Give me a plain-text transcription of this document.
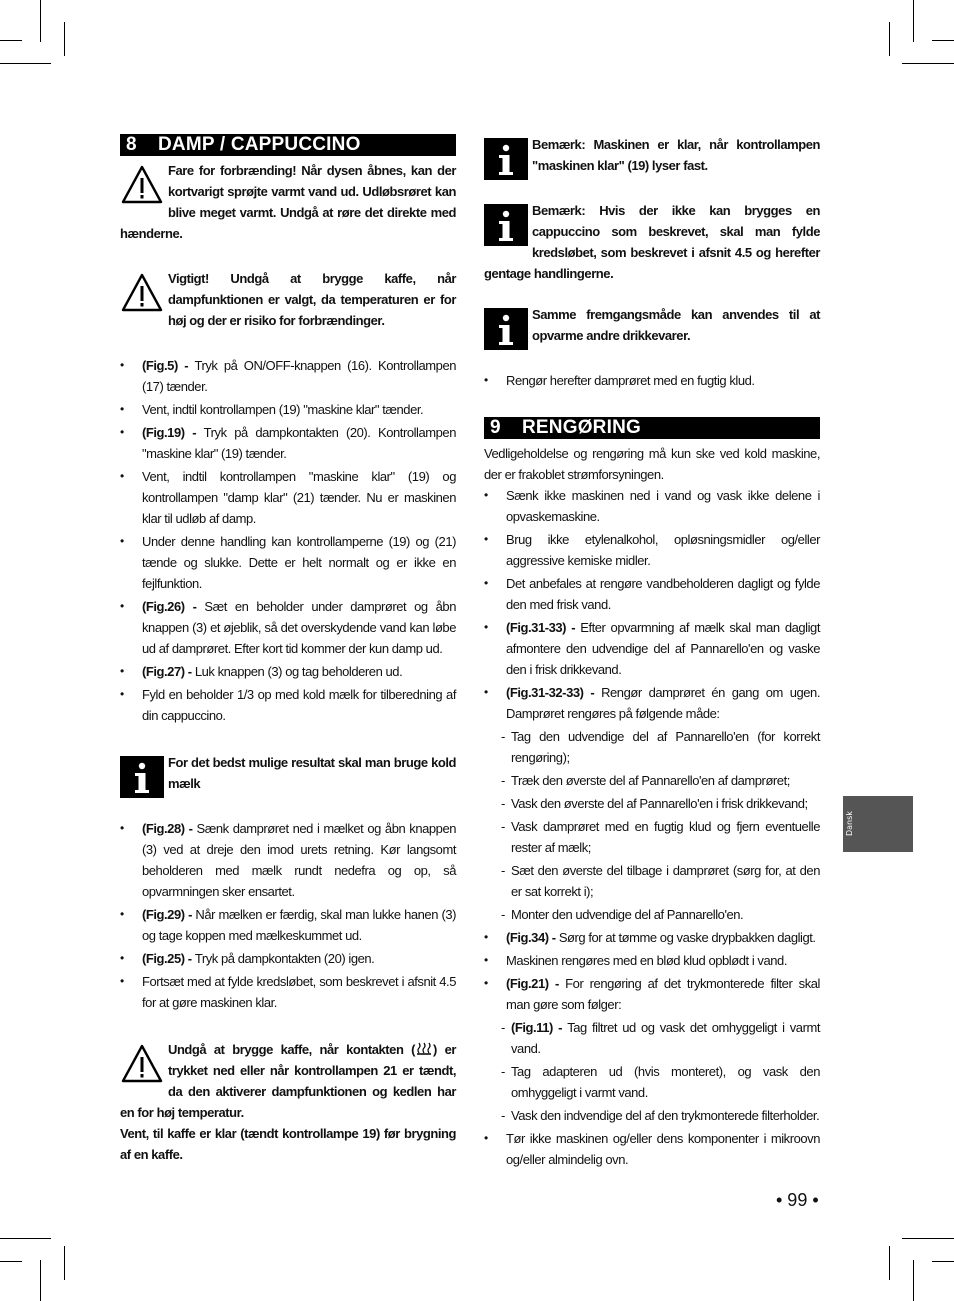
8 DAMP / CAPPUCCINO

Fare for forbrænding! Når dysen åbnes, kan der kortvarigt sprøjte varmt vand ud. Udløbsrøret kan blive meget varmt. Undgå at røre det direkte med hænderne.

Vigtigt! Undgå at brygge kaffe, når dampfunktionen er valgt, da temperaturen er for høj og der er risiko for forbrændinger.

• (Fig.5) - Tryk på ON/OFF-knappen (16). Kontrollampen (17) tænder.
• Vent, indtil kontrollampen (19) "maskine klar" tænder.
• (Fig.19) - Tryk på dampkontakten (20). Kontrollampen "maskine klar" (19) tænder.
• Vent, indtil kontrollampen "maskine klar" (19) og kontrollampen "damp klar" (21) tænder. Nu er maskinen klar til udløb af damp.
• Under denne handling kan kontrollamperne (19) og (21) tænde og slukke. Dette er helt normalt og er ikke en fejlfunktion.
• (Fig.26) - Sæt en beholder under damprøret og åbn knappen (3) et øjeblik, så det overskydende vand kan løbe ud af damprøret. Efter kort tid kommer der kun damp ud.
• (Fig.27) - Luk knappen (3) og tag beholderen ud.
• Fyld en beholder 1/3 op med kold mælk for tilberedning af din cappuccino.

For det bedst mulige resultat skal man bruge kold mælk

• (Fig.28) - Sænk damprøret ned i mælket og åbn knappen (3) ved at dreje den imod urets retning. Kør langsomt beholderen med mælk rundt nedefra og op, så opvarmningen sker ensartet.
• (Fig.29) - Når mælken er færdig, skal man lukke hanen (3) og tage koppen med mælkeskummet ud.
• (Fig.25) - Tryk på dampkontakten (20) igen.
• Fortsæt med at fylde kredsløbet, som beskrevet i afsnit 4.5 for at gøre maskinen klar.

Undgå at brygge kaffe, når kontakten ( ) er trykket ned eller når kontrollampen 21 er tændt, da den aktiverer dampfunktionen og kedlen har en for høj temperatur.

Vent, til kaffe er klar (tændt kontrollampe 19) før brygning af en kaffe.

Bemærk: Maskinen er klar, når kontrollampen "maskinen klar" (19) lyser fast.

Bemærk: Hvis der ikke kan brygges en cappuccino som beskrevet, skal man fylde kredsløbet, som beskrevet i afsnit 4.5 og herefter gentage handlingerne.

Samme fremgangsmåde kan anvendes til at opvarme andre drikkevarer.

• Rengør herefter damprøret med en fugtig klud.
9 RENGØRING

Vedligeholdelse og rengøring må kun ske ved kold maskine, der er frakoblet strømforsyningen.

• Sænk ikke maskinen ned i vand og vask ikke delene i opvaskemaskine.
• Brug ikke etylenalkohol, opløsningsmidler og/eller aggressive kemiske midler.
• Det anbefales at rengøre vandbeholderen dagligt og fylde den med frisk vand.
• (Fig.31-33) - Efter opvarmning af mælk skal man dagligt afmontere den udvendige del af Pannarello'en og vaske den i frisk drikkevand.
• (Fig.31-32-33) - Rengør damprøret én gang om ugen. Damprøret rengøres på følgende måde:
- Tag den udvendige del af Pannarello'en (for korrekt rengøring);
- Træk den øverste del af Pannarello'en af damprøret;
- Vask den øverste del af Pannarello'en i frisk drikkevand;
- Vask damprøret med en fugtig klud og fjern eventuelle rester af mælk;
- Sæt den øverste del tilbage i damprøret (sørg for, at den er sat korrekt i);
- Monter den udvendige del af Pannarello'en.
• (Fig.34) - Sørg for at tømme og vaske drypbakken dagligt.
• Maskinen rengøres med en blød klud opblødt i vand.
• (Fig.21) - For rengøring af det trykmonterede filter skal man gøre som følger:
- (Fig.11) - Tag filtret ud og vask det omhyggeligt i varmt vand.
- Tag adapteren ud (hvis monteret), og vask den omhyggeligt i varmt vand.
- Vask den indvendige del af den trykmonterede filterholder.
• Tør ikke maskinen og/eller dens komponenter i mikroovn og/eller almindelig ovn.
Dansk
• 99 •
